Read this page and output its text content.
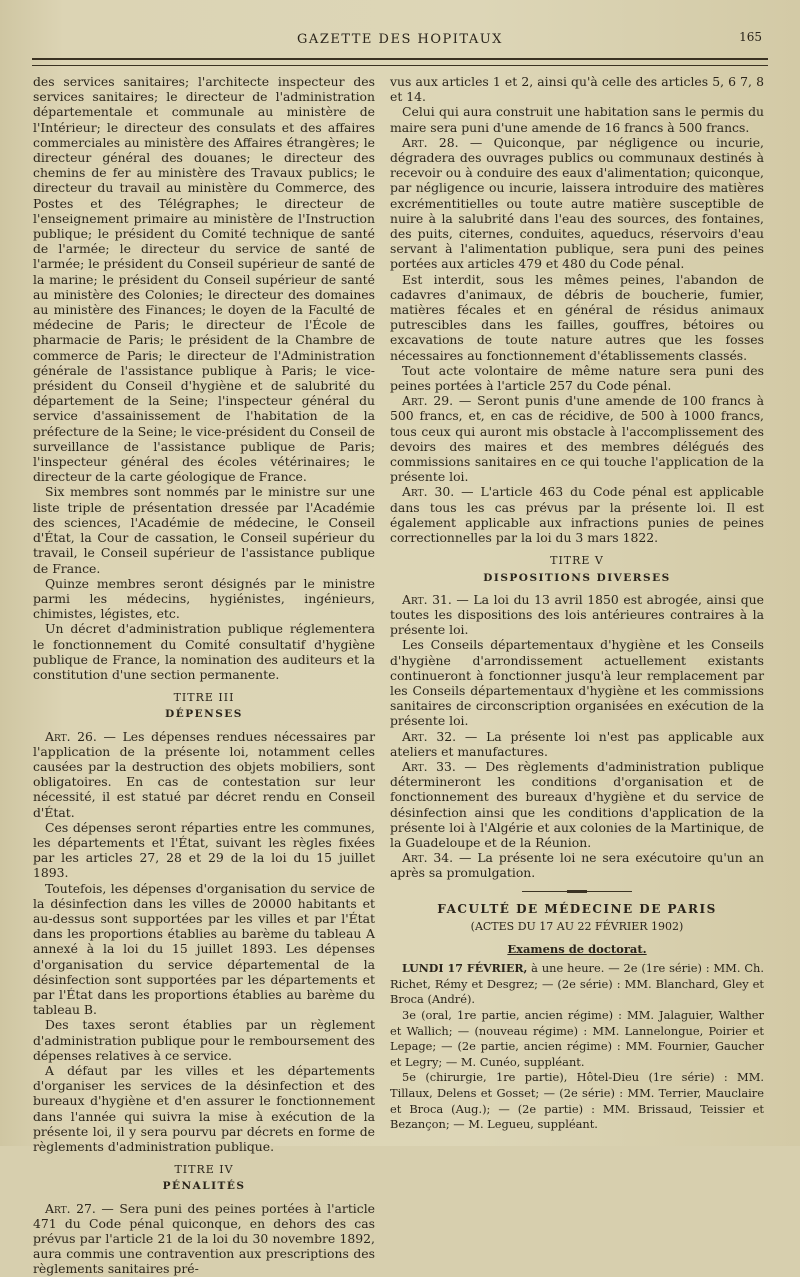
GAZETTE DES HOPITAUX	165

des services sanitaires; l'architecte inspecteur des services sanitaires; le directeur de l'administration départementale et communale au ministère de l'Intérieur; le directeur des consulats et des affaires commerciales au ministère des Affaires étrangères; le directeur général des douanes; le directeur des chemins de fer au ministère des Travaux publics; le directeur du travail au ministère du Commerce, des Postes et des Télégraphes; le directeur de l'enseignement primaire au ministère de l'Instruction publique; le président du Comité technique de santé de l'armée; le directeur du service de santé de l'armée; le président du Conseil supérieur de santé de la marine; le président du Conseil supérieur de santé au ministère des Colonies; le directeur des domaines au ministère des Finances; le doyen de la Faculté de médecine de Paris; le directeur de l'École de pharmacie de Paris; le président de la Chambre de commerce de Paris; le directeur de l'Administration générale de l'assistance publique à Paris; le vice-président du Conseil d'hygiène et de salubrité du département de la Seine; l'inspecteur général du service d'assainissement de l'habitation de la préfecture de la Seine; le vice-président du Conseil de surveillance de l'assistance publique de Paris; l'inspecteur général des écoles vétérinaires; le directeur de la carte géologique de France.

Six membres sont nommés par le ministre sur une liste triple de présentation dressée par l'Académie des sciences, l'Académie de médecine, le Conseil d'État, la Cour de cassation, le Conseil supérieur du travail, le Conseil supérieur de l'assistance publique de France.

Quinze membres seront désignés par le ministre parmi les médecins, hygiénistes, ingénieurs, chimistes, légistes, etc.

Un décret d'administration publique réglementera le fonctionnement du Comité consultatif d'hygiène publique de France, la nomination des auditeurs et la constitution d'une section permanente.

TITRE III
DÉPENSES

Art. 26. — Les dépenses rendues nécessaires par l'application de la présente loi, notamment celles causées par la destruction des objets mobiliers, sont obligatoires. En cas de contestation sur leur nécessité, il est statué par décret rendu en Conseil d'État.

Ces dépenses seront réparties entre les communes, les départements et l'État, suivant les règles fixées par les articles 27, 28 et 29 de la loi du 15 juillet 1893.

Toutefois, les dépenses d'organisation du service de la désinfection dans les villes de 20000 habitants et au-dessus sont supportées par les villes et par l'État dans les proportions établies au barème du tableau A annexé à la loi du 15 juillet 1893. Les dépenses d'organisation du service départemental de la désinfection sont supportées par les départements et par l'État dans les proportions établies au barème du tableau B.

Des taxes seront établies par un règlement d'administration publique pour le remboursement des dépenses relatives à ce service.

A défaut par les villes et les départements d'organiser les services de la désinfection et des bureaux d'hygiène et d'en assurer le fonctionnement dans l'année qui suivra la mise à exécution de la présente loi, il y sera pourvu par décrets en forme de règlements d'administration publique.

TITRE IV
PÉNALITÉS

Art. 27. — Sera puni des peines portées à l'article 471 du Code pénal quiconque, en dehors des cas prévus par l'article 21 de la loi du 30 novembre 1892, aura commis une contravention aux prescriptions des règlements sanitaires pré-

vus aux articles 1 et 2, ainsi qu'à celle des articles 5, 6 7, 8 et 14.

Celui qui aura construit une habitation sans le permis du maire sera puni d'une amende de 16 francs à 500 francs.

Art. 28. — Quiconque, par négligence ou incurie, dégradera des ouvrages publics ou communaux destinés à recevoir ou à conduire des eaux d'alimentation; quiconque, par négligence ou incurie, laissera introduire des matières excrémentitielles ou toute autre matière susceptible de nuire à la salubrité dans l'eau des sources, des fontaines, des puits, citernes, conduites, aqueducs, réservoirs d'eau servant à l'alimentation publique, sera puni des peines portées aux articles 479 et 480 du Code pénal.

Est interdit, sous les mêmes peines, l'abandon de cadavres d'animaux, de débris de boucherie, fumier, matières fécales et en général de résidus animaux putrescibles dans les failles, gouffres, bétoires ou excavations de toute nature autres que les fosses nécessaires au fonctionnement d'établissements classés.

Tout acte volontaire de même nature sera puni des peines portées à l'article 257 du Code pénal.

Art. 29. — Seront punis d'une amende de 100 francs à 500 francs, et, en cas de récidive, de 500 à 1000 francs, tous ceux qui auront mis obstacle à l'accomplissement des devoirs des maires et des membres délégués des commissions sanitaires en ce qui touche l'application de la présente loi.

Art. 30. — L'article 463 du Code pénal est applicable dans tous les cas prévus par la présente loi. Il est également applicable aux infractions punies de peines correctionnelles par la loi du 3 mars 1822.

TITRE V
DISPOSITIONS DIVERSES

Art. 31. — La loi du 13 avril 1850 est abrogée, ainsi que toutes les dispositions des lois antérieures contraires à la présente loi.

Les Conseils départementaux d'hygiène et les Conseils d'hygiène d'arrondissement actuellement existants continueront à fonctionner jusqu'à leur remplacement par les Conseils départementaux d'hygiène et les commissions sanitaires de circonscription organisées en exécution de la présente loi.

Art. 32. — La présente loi n'est pas applicable aux ateliers et manufactures.

Art. 33. — Des règlements d'administration publique détermineront les conditions d'organisation et de fonctionnement des bureaux d'hygiène et du service de désinfection ainsi que les conditions d'application de la présente loi à l'Algérie et aux colonies de la Martinique, de la Guadeloupe et de la Réunion.

Art. 34. — La présente loi ne sera exécutoire qu'un an après sa promulgation.

FACULTÉ DE MÉDECINE DE PARIS
(ACTES DU 17 AU 22 FÉVRIER 1902)
Examens de doctorat.

LUNDI 17 FÉVRIER, à une heure. — 2e (1re série) : MM. Ch. Richet, Rémy et Desgrez; — (2e série) : MM. Blanchard, Gley et Broca (André).

3e (oral, 1re partie, ancien régime) : MM. Jalaguier, Walther et Wallich; — (nouveau régime) : MM. Lannelongue, Poirier et Lepage; — (2e partie, ancien régime) : MM. Fournier, Gaucher et Legry; — M. Cunéo, suppléant.

5e (chirurgie, 1re partie), Hôtel-Dieu (1re série) : MM. Tillaux, Delens et Gosset; — (2e série) : MM. Terrier, Mauclaire et Broca (Aug.); — (2e partie) : MM. Brissaud, Teissier et Bezançon; — M. Legueu, suppléant.
